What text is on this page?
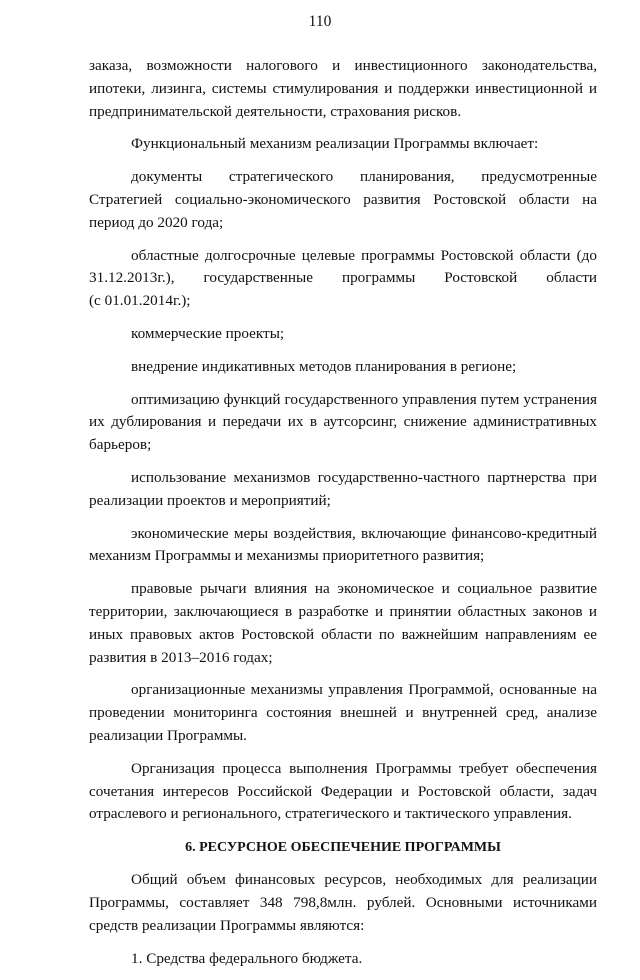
110

заказа, возможности налогового и инвестиционного законодательства, ипотеки, лизинга, системы стимулирования и поддержки инвестиционной и предпринимательской деятельности, страхования рисков.

Функциональный механизм реализации Программы включает:

документы стратегического планирования, предусмотренные Стратегией социально-экономического развития Ростовской области на период до 2020 года;

областные долгосрочные целевые программы Ростовской области (до 31.12.2013г.), государственные программы Ростовской области
(с 01.01.2014г.);

коммерческие проекты;

внедрение индикативных методов планирования в регионе;

оптимизацию функций государственного управления путем устранения их дублирования и передачи их в аутсорсинг, снижение административных барьеров;

использование механизмов государственно-частного партнерства при реализации проектов и мероприятий;

экономические меры воздействия, включающие финансово-кредитный механизм Программы и механизмы приоритетного развития;

правовые рычаги влияния на экономическое и социальное развитие территории, заключающиеся в разработке и принятии областных законов и иных правовых актов Ростовской области по важнейшим направлениям ее развития в 2013–2016 годах;

организационные механизмы управления Программой, основанные на проведении мониторинга состояния внешней и внутренней сред, анализе реализации Программы.

Организация процесса выполнения Программы требует обеспечения сочетания интересов Российской Федерации и Ростовской области, задач отраслевого и регионального, стратегического и тактического управления.

6. РЕСУРСНОЕ ОБЕСПЕЧЕНИЕ ПРОГРАММЫ

Общий объем финансовых ресурсов, необходимых для реализации Программы, составляет 348 798,8млн. рублей. Основными источниками средств реализации Программы являются:

1. Средства федерального бюджета.
